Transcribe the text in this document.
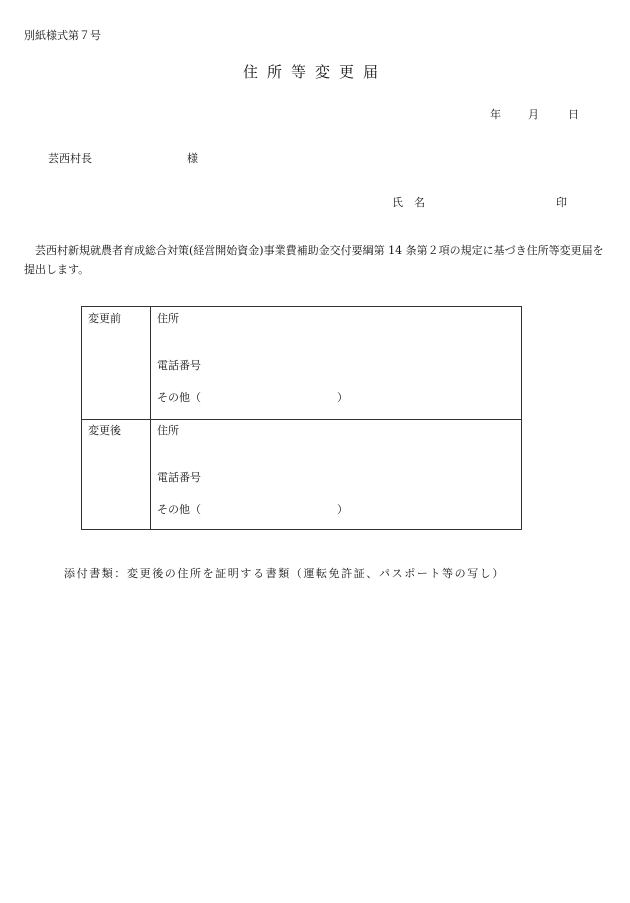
別紙様式第７号
住所等変更届
年 月	日
芸西村長	様
氏　名	印
芸西村新規就農者育成総合対策(経営開始資金)事業費補助金交付要綱第 14 条第２項の規定に基づき住所等変更届を提出します。
変更前	住所
電話番号
その他（	）
変更後	住所
電話番号
その他（	）
添付書類：変更後の住所を証明する書類（運転免許証、パスポート等の写し）
